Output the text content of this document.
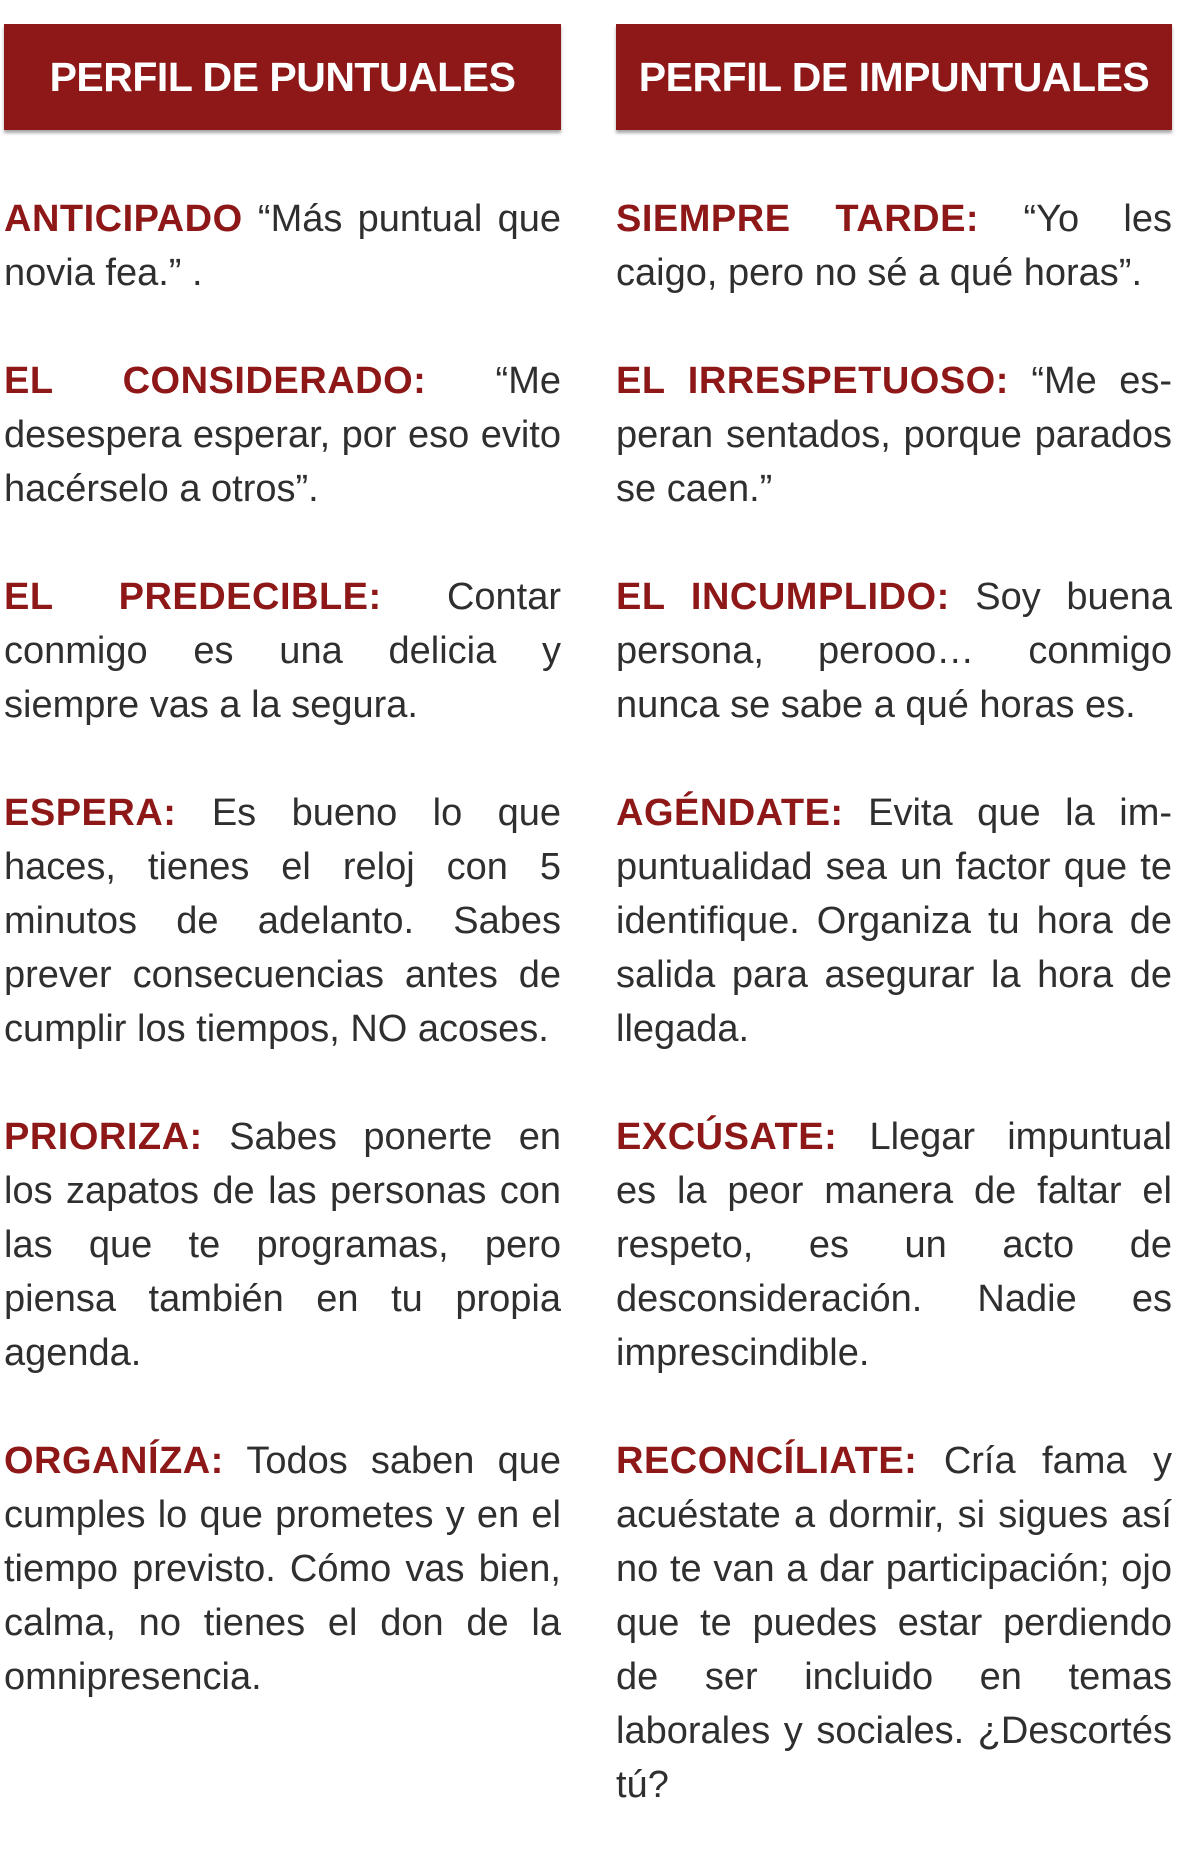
PERFIL DE PUNTUALES

ANTICIPADO “Más puntual que novia fea.” .

EL CONSIDERADO: “Me desespera esperar, por eso evito hacérselo a otros”.

EL PREDECIBLE: Contar conmigo es una delicia y siempre vas a la segura.

ESPERA: Es bueno lo que haces, tienes el reloj con 5 minutos de adelanto. Sabes prever consecuencias antes de cumplir los tiempos, NO acoses.

PRIORIZA: Sabes ponerte en los zapatos de las personas con las que te programas, pero piensa también en tu propia agenda.

ORGANÍZA: Todos saben que cumples lo que prometes y en el tiempo previsto. Cómo vas bien, calma, no tienes el don de la omnipresencia.

PERFIL DE IMPUNTUALES

SIEMPRE TARDE: “Yo les caigo, pero no sé a qué horas”.

EL IRRESPETUOSO: “Me esperan sentados, porque parados se caen.”

EL INCUMPLIDO: Soy buena persona, perooo… conmigo nunca se sabe a qué horas es.

AGÉNDATE: Evita que la impuntualidad sea un factor que te identifique. Organiza tu hora de salida para asegurar la hora de llegada.

EXCÚSATE: Llegar impuntual es la peor manera de faltar el respeto, es un acto de desconsideración. Nadie es imprescindible.

RECONCÍLIATE: Cría fama y acuéstate a dormir, si sigues así no te van a dar participación; ojo que te puedes estar perdiendo de ser incluido en temas laborales y sociales. ¿Descortés tú?
